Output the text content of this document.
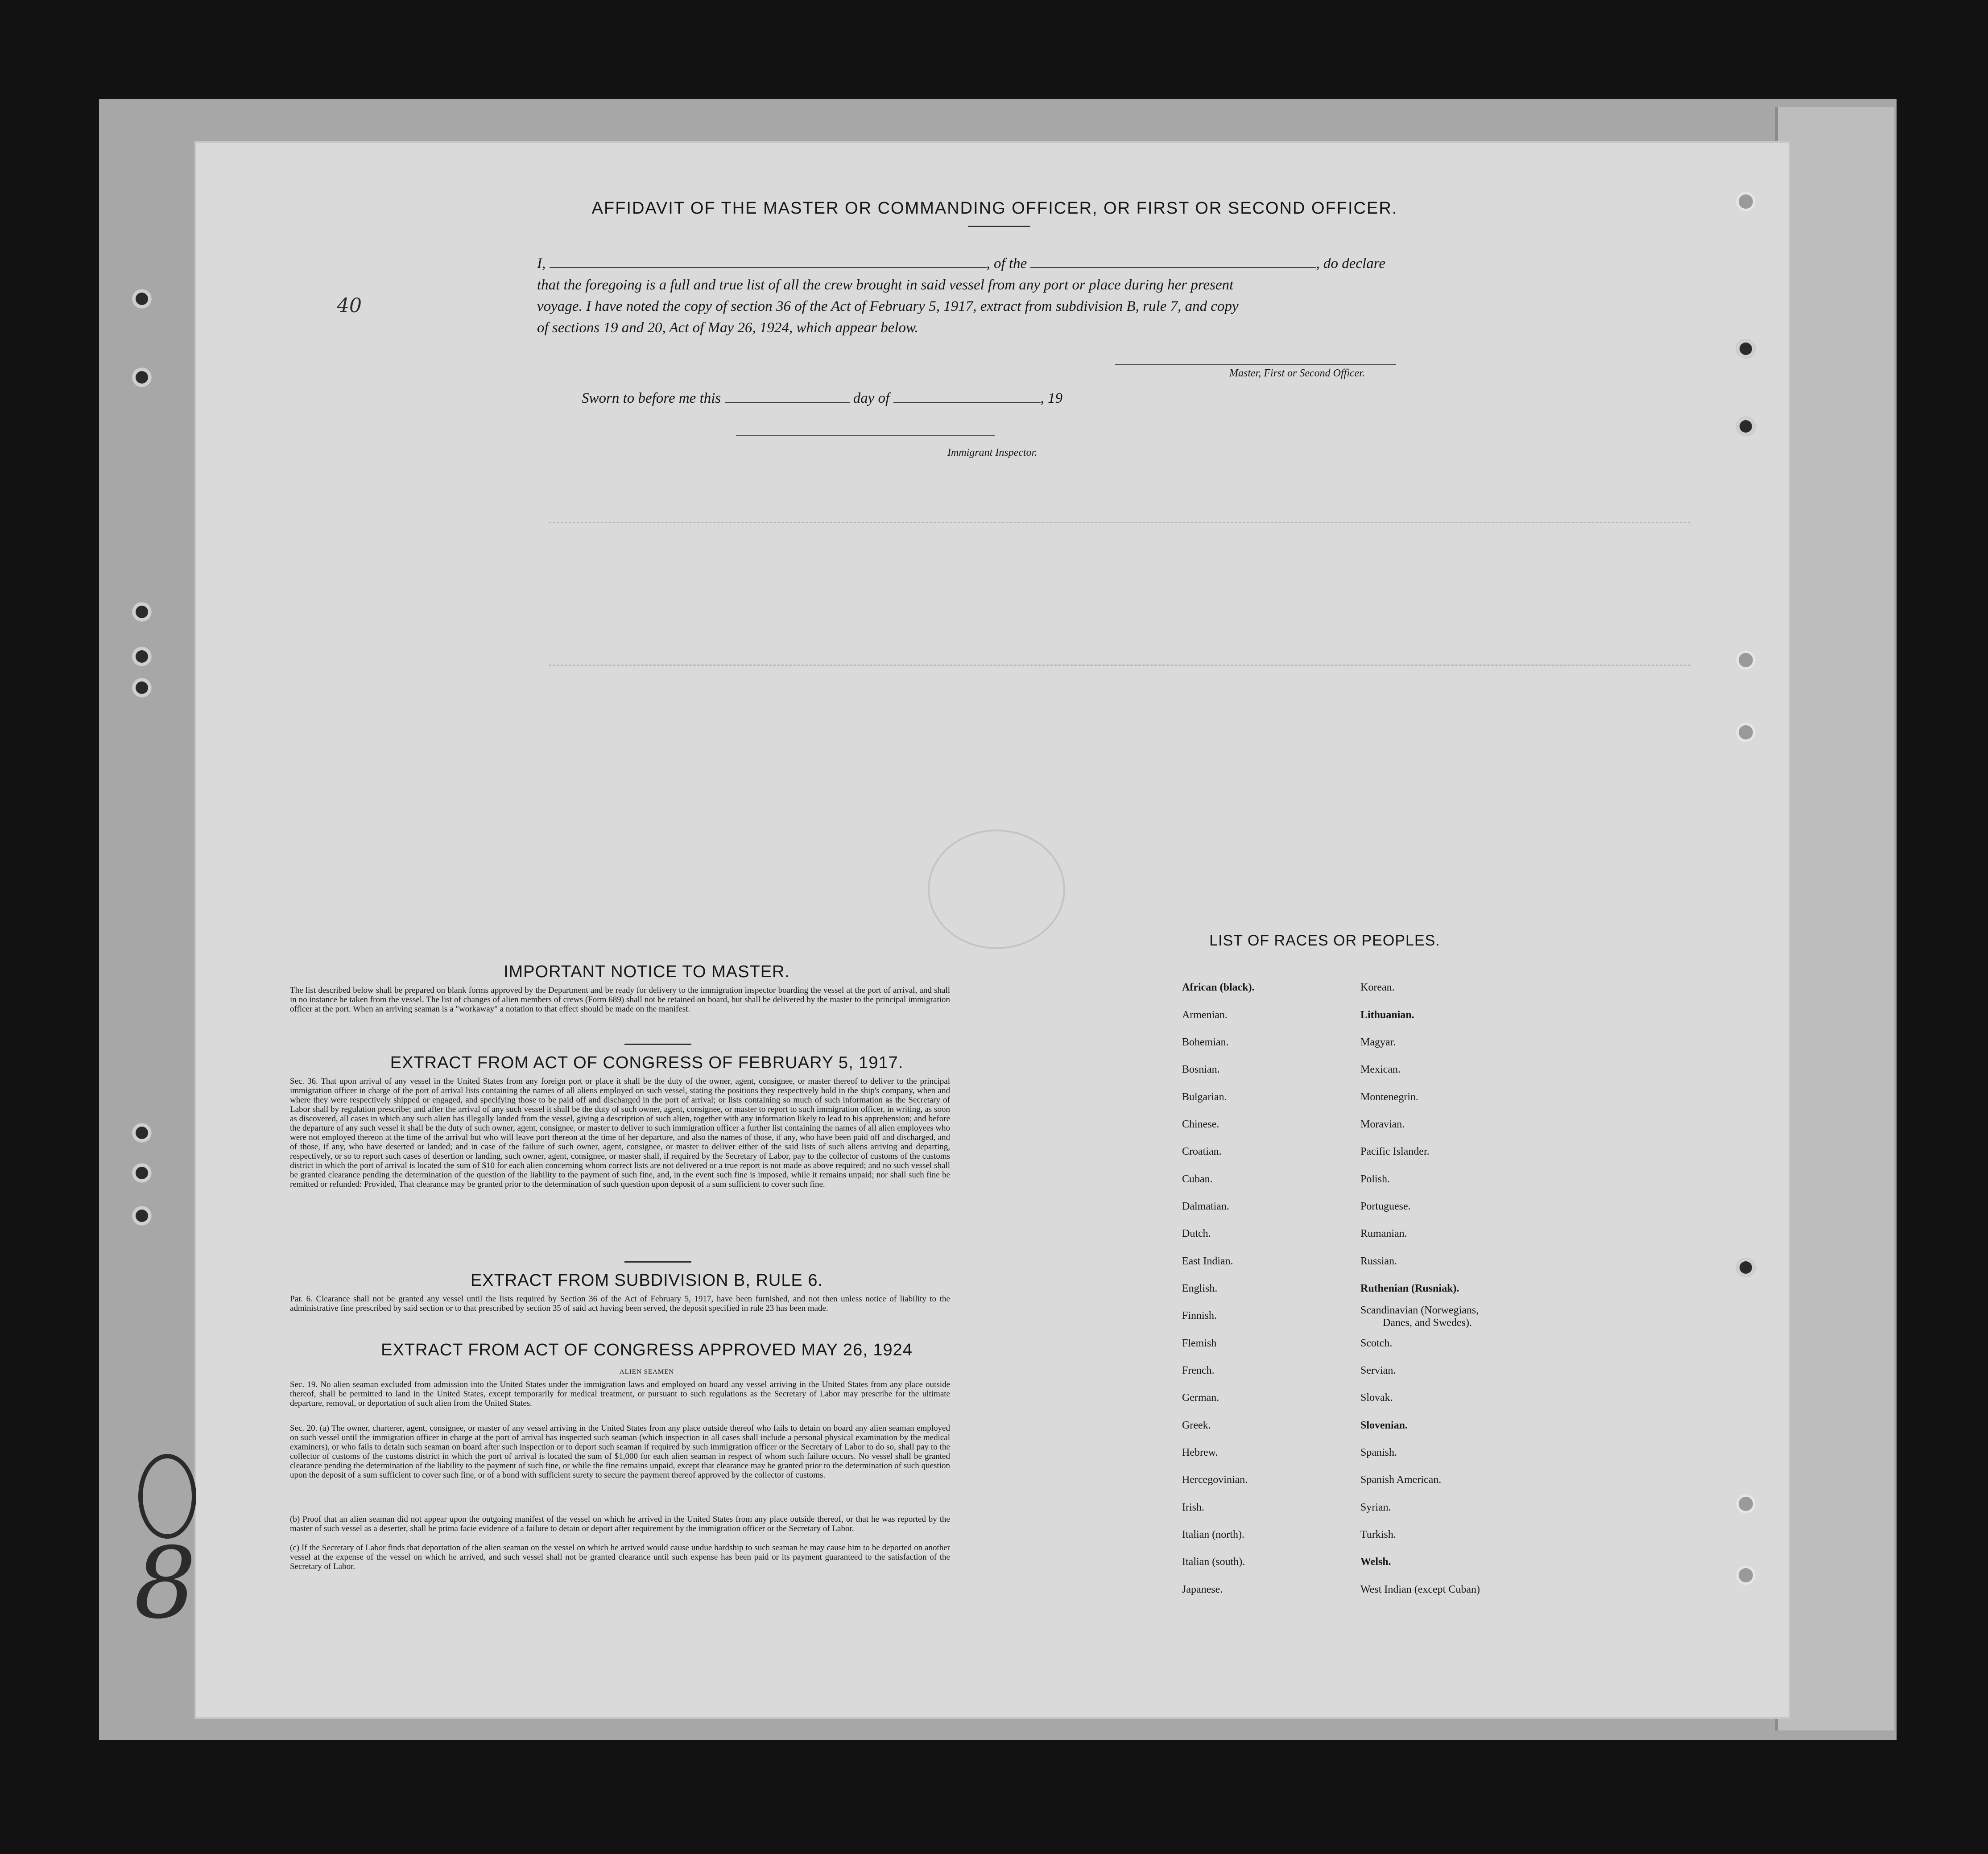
40
8
AFFIDAVIT OF THE MASTER OR COMMANDING OFFICER, OR FIRST OR SECOND OFFICER.
I,	, of the	, do declare
that the foregoing is a full and true list of all the crew brought in said vessel from any port or place during her present
voyage. I have noted the copy of section 36 of the Act of February 5, 1917, extract from subdivision B, rule 7, and copy
of sections 19 and 20, Act of May 26, 1924, which appear below.
Master, First or Second Officer.
Sworn to before me this	day of	, 19
Immigrant Inspector.
IMPORTANT NOTICE TO MASTER.
The list described below shall be prepared on blank forms approved by the Department and be ready for delivery to the immigration inspector boarding the vessel at the port of arrival, and shall in no instance be taken from the vessel. The list of changes of alien members of crews (Form 689) shall not be retained on board, but shall be delivered by the master to the principal immigration officer at the port. When an arriving seaman is a "workaway" a notation to that effect should be made on the manifest.
EXTRACT FROM ACT OF CONGRESS OF FEBRUARY 5, 1917.
Sec. 36. That upon arrival of any vessel in the United States from any foreign port or place it shall be the duty of the owner, agent, consignee, or master thereof to deliver to the principal immigration officer in charge of the port of arrival lists containing the names of all aliens employed on such vessel, stating the positions they respectively hold in the ship's company, when and where they were respectively shipped or engaged, and specifying those to be paid off and discharged in the port of arrival; or lists containing so much of such information as the Secretary of Labor shall by regulation prescribe; and after the arrival of any such vessel it shall be the duty of such owner, agent, consignee, or master to report to such immigration officer, in writing, as soon as discovered, all cases in which any such alien has illegally landed from the vessel, giving a description of such alien, together with any information likely to lead to his apprehension; and before the departure of any such vessel it shall be the duty of such owner, agent, consignee, or master to deliver to such immigration officer a further list containing the names of all alien employees who were not employed thereon at the time of the arrival but who will leave port thereon at the time of her departure, and also the names of those, if any, who have been paid off and discharged, and of those, if any, who have deserted or landed; and in case of the failure of such owner, agent, consignee, or master to deliver either of the said lists of such aliens arriving and departing, respectively, or so to report such cases of desertion or landing, such owner, agent, consignee, or master shall, if required by the Secretary of Labor, pay to the collector of customs of the customs district in which the port of arrival is located the sum of $10 for each alien concerning whom correct lists are not delivered or a true report is not made as above required; and no such vessel shall be granted clearance pending the determination of the question of the liability to the payment of such fine, and, in the event such fine is imposed, while it remains unpaid; nor shall such fine be remitted or refunded: Provided, That clearance may be granted prior to the determination of such question upon deposit of a sum sufficient to cover such fine.
EXTRACT FROM SUBDIVISION B, RULE 6.
Par. 6. Clearance shall not be granted any vessel until the lists required by Section 36 of the Act of February 5, 1917, have been furnished, and not then unless notice of liability to the administrative fine prescribed by said section or to that prescribed by section 35 of said act having been served, the deposit specified in rule 23 has been made.
EXTRACT FROM ACT OF CONGRESS APPROVED MAY 26, 1924
ALIEN SEAMEN
Sec. 19. No alien seaman excluded from admission into the United States under the immigration laws and employed on board any vessel arriving in the United States from any place outside thereof, shall be permitted to land in the United States, except temporarily for medical treatment, or pursuant to such regulations as the Secretary of Labor may prescribe for the ultimate departure, removal, or deportation of such alien from the United States.
Sec. 20. (a) The owner, charterer, agent, consignee, or master of any vessel arriving in the United States from any place outside thereof who fails to detain on board any alien seaman employed on such vessel until the immigration officer in charge at the port of arrival has inspected such seaman (which inspection in all cases shall include a personal physical examination by the medical examiners), or who fails to detain such seaman on board after such inspection or to deport such seaman if required by such immigration officer or the Secretary of Labor to do so, shall pay to the collector of customs of the customs district in which the port of arrival is located the sum of $1,000 for each alien seaman in respect of whom such failure occurs. No vessel shall be granted clearance pending the determination of the liability to the payment of such fine, or while the fine remains unpaid, except that clearance may be granted prior to the determination of such question upon the deposit of a sum sufficient to cover such fine, or of a bond with sufficient surety to secure the payment thereof approved by the collector of customs.
(b) Proof that an alien seaman did not appear upon the outgoing manifest of the vessel on which he arrived in the United States from any place outside thereof, or that he was reported by the master of such vessel as a deserter, shall be prima facie evidence of a failure to detain or deport after requirement by the immigration officer or the Secretary of Labor.
(c) If the Secretary of Labor finds that deportation of the alien seaman on the vessel on which he arrived would cause undue hardship to such seaman he may cause him to be deported on another vessel at the expense of the vessel on which he arrived, and such vessel shall not be granted clearance until such expense has been paid or its payment guaranteed to the satisfaction of the Secretary of Labor.
LIST OF RACES OR PEOPLES.
African (black).
Armenian.
Bohemian.
Bosnian.
Bulgarian.
Chinese.
Croatian.
Cuban.
Dalmatian.
Dutch.
East Indian.
English.
Finnish.
Flemish
French.
German.
Greek.
Hebrew.
Hercegovinian.
Irish.
Italian (north).
Italian (south).
Japanese.
Korean.
Lithuanian.
Magyar.
Mexican.
Montenegrin.
Moravian.
Pacific Islander.
Polish.
Portuguese.
Rumanian.
Russian.
Ruthenian (Rusniak).
Scandinavian (Norwegians,
Danes, and Swedes).
Scotch.
Servian.
Slovak.
Slovenian.
Spanish.
Spanish American.
Syrian.
Turkish.
Welsh.
West Indian (except Cuban)
